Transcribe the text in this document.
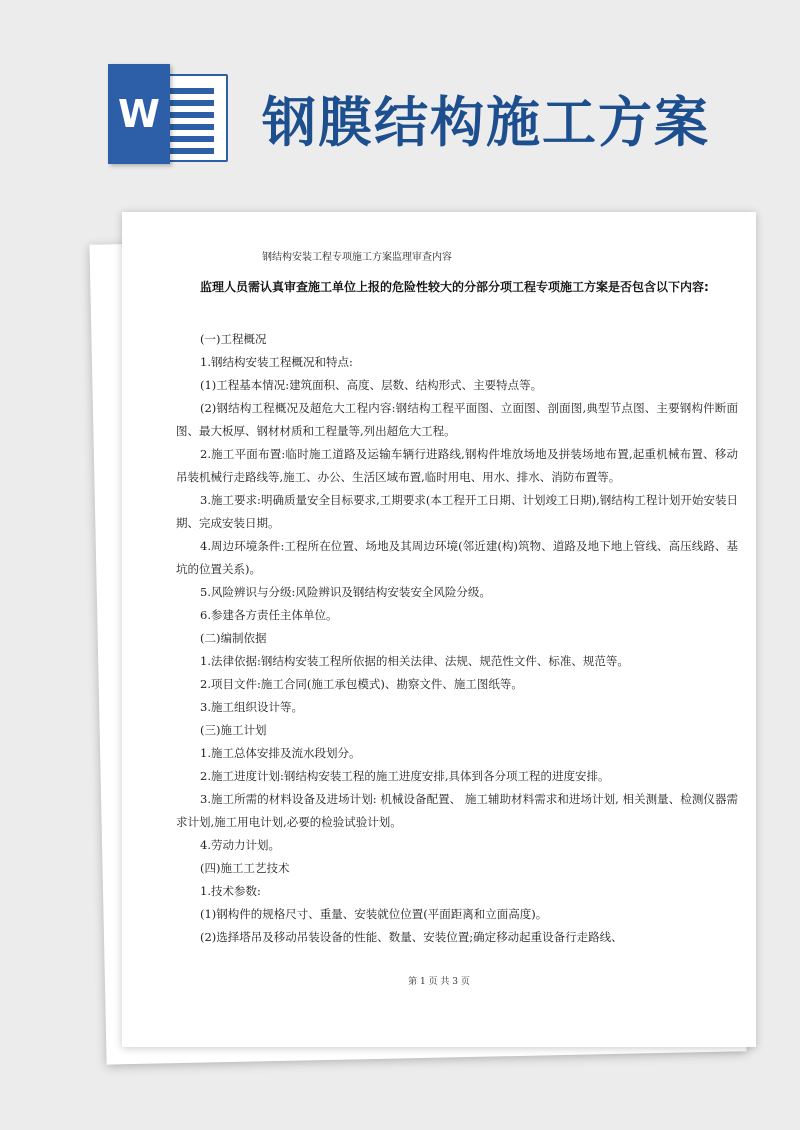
W 钢膜结构施工方案
钢结构安装工程专项施工方案监理审查内容
监理人员需认真审查施工单位上报的危险性较大的分部分项工程专项施工方案是否包含以下内容:

(一)工程概况

1.钢结构安装工程概况和特点:

(1)工程基本情况:建筑面积、高度、层数、结构形式、主要特点等。

(2)钢结构工程概况及超危大工程内容:钢结构工程平面图、立面图、剖面图,典型节点图、主要钢构件断面图、最大板厚、钢材材质和工程量等,列出超危大工程。

2.施工平面布置:临时施工道路及运输车辆行进路线,钢构件堆放场地及拼装场地布置,起重机械布置、移动吊装机械行走路线等,施工、办公、生活区域布置,临时用电、用水、排水、消防布置等。

3.施工要求:明确质量安全目标要求,工期要求(本工程开工日期、计划竣工日期),钢结构工程计划开始安装日期、完成安装日期。

4.周边环境条件:工程所在位置、场地及其周边环境(邻近建(构)筑物、道路及地下地上管线、高压线路、基坑的位置关系)。

5.风险辨识与分级:风险辨识及钢结构安装安全风险分级。

6.参建各方责任主体单位。

(二)编制依据

1.法律依据:钢结构安装工程所依据的相关法律、法规、规范性文件、标准、规范等。

2.项目文件:施工合同(施工承包模式)、勘察文件、施工图纸等。

3.施工组织设计等。

(三)施工计划

1.施工总体安排及流水段划分。

2.施工进度计划:钢结构安装工程的施工进度安排,具体到各分项工程的进度安排。

3.施工所需的材料设备及进场计划: 机械设备配置、 施工辅助材料需求和进场计划, 相关测量、检测仪器需求计划,施工用电计划,必要的检验试验计划。

4.劳动力计划。

(四)施工工艺技术

1.技术参数:

(1)钢构件的规格尺寸、重量、安装就位位置(平面距离和立面高度)。

(2)选择塔吊及移动吊装设备的性能、数量、安装位置;确定移动起重设备行走路线、

第 1 页 共 3 页
